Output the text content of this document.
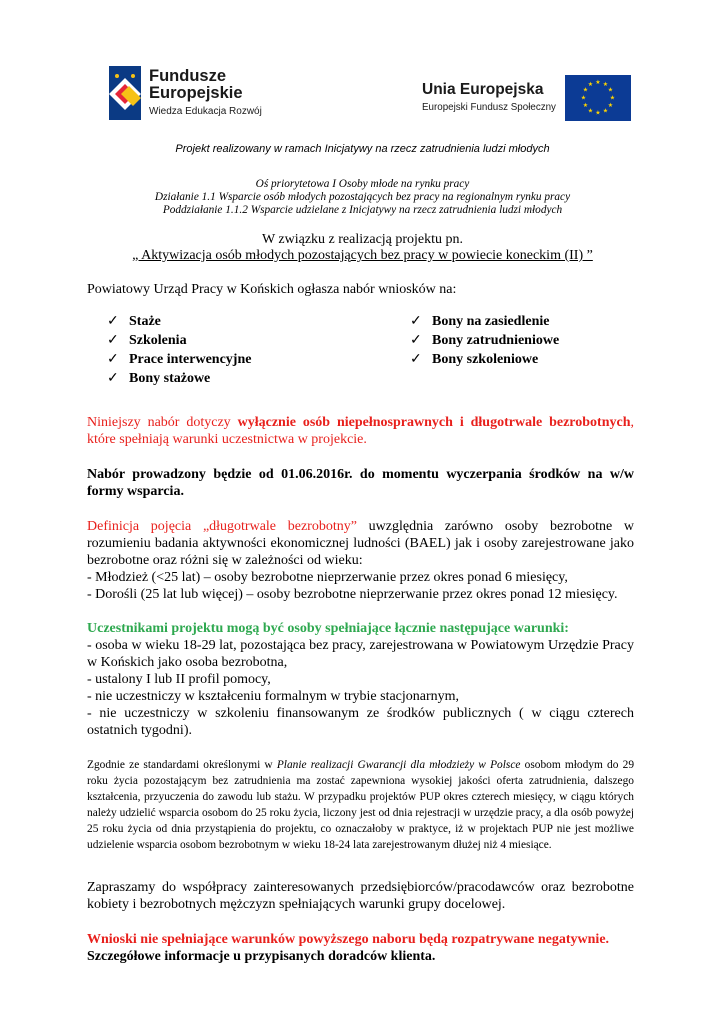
Fundusze
Europejskie
Wiedza Edukacja Rozwój
Unia Europejska
Europejski Fundusz Społeczny
★ ★
★
★
★
★
★
★
★
★
★
★
Projekt realizowany w ramach Inicjatywy na rzecz zatrudnienia ludzi młodych
Oś priorytetowa I Osoby młode na rynku pracy
Działanie 1.1 Wsparcie osób młodych pozostających bez pracy na regionalnym rynku pracy
Poddziałanie 1.1.2 Wsparcie udzielane z Inicjatywy na rzecz zatrudnienia ludzi młodych
W związku z realizacją projektu pn.
„ Aktywizacja osób młodych pozostających bez pracy w powiecie koneckim (II) ”
Powiatowy Urząd Pracy w Końskich ogłasza nabór wniosków na:
✓ Staże
✓ Szkolenia
✓ Prace interwencyjne
✓ Bony stażowe
✓ Bony na zasiedlenie
✓ Bony zatrudnieniowe
✓ Bony szkoleniowe
Niniejszy nabór dotyczy wyłącznie osób niepełnosprawnych i długotrwale bezrobotnych, które spełniają warunki uczestnictwa w projekcie.
Nabór prowadzony będzie od 01.06.2016r. do momentu wyczerpania środków na w/w formy wsparcia.
Definicja pojęcia „długotrwale bezrobotny” uwzględnia zarówno osoby bezrobotne w rozumieniu badania aktywności ekonomicznej ludności (BAEL) jak i osoby zarejestrowane jako bezrobotne oraz różni się w zależności od wieku:
- Młodzież (<25 lat) – osoby bezrobotne nieprzerwanie przez okres ponad 6 miesięcy,
- Dorośli (25 lat lub więcej) – osoby bezrobotne nieprzerwanie przez okres ponad 12 miesięcy.
Uczestnikami projektu mogą być osoby spełniające łącznie następujące warunki:
- osoba w wieku 18-29 lat, pozostająca bez pracy, zarejestrowana w Powiatowym Urzędzie Pracy w Końskich jako osoba bezrobotna,
- ustalony I lub II profil pomocy,
- nie uczestniczy w kształceniu formalnym w trybie stacjonarnym,
- nie uczestniczy w szkoleniu finansowanym ze środków publicznych ( w ciągu czterech ostatnich tygodni).
Zgodnie ze standardami określonymi w Planie realizacji Gwarancji dla młodzieży w Polsce osobom młodym do 29 roku życia pozostającym bez zatrudnienia ma zostać zapewniona wysokiej jakości oferta zatrudnienia, dalszego kształcenia, przyuczenia do zawodu lub stażu. W przypadku projektów PUP okres czterech miesięcy, w ciągu których należy udzielić wsparcia osobom do 25 roku życia, liczony jest od dnia rejestracji w urzędzie pracy, a dla osób powyżej 25 roku życia od dnia przystąpienia do projektu, co oznaczałoby w praktyce, iż w projektach PUP nie jest możliwe udzielenie wsparcia osobom bezrobotnym w wieku 18-24 lata zarejestrowanym dłużej niż 4 miesiące.
Zapraszamy do współpracy zainteresowanych przedsiębiorców/pracodawców oraz bezrobotne kobiety i bezrobotnych mężczyzn spełniających warunki grupy docelowej.
Wnioski nie spełniające warunków powyższego naboru będą rozpatrywane negatywnie.
Szczegółowe informacje u przypisanych doradców klienta.
